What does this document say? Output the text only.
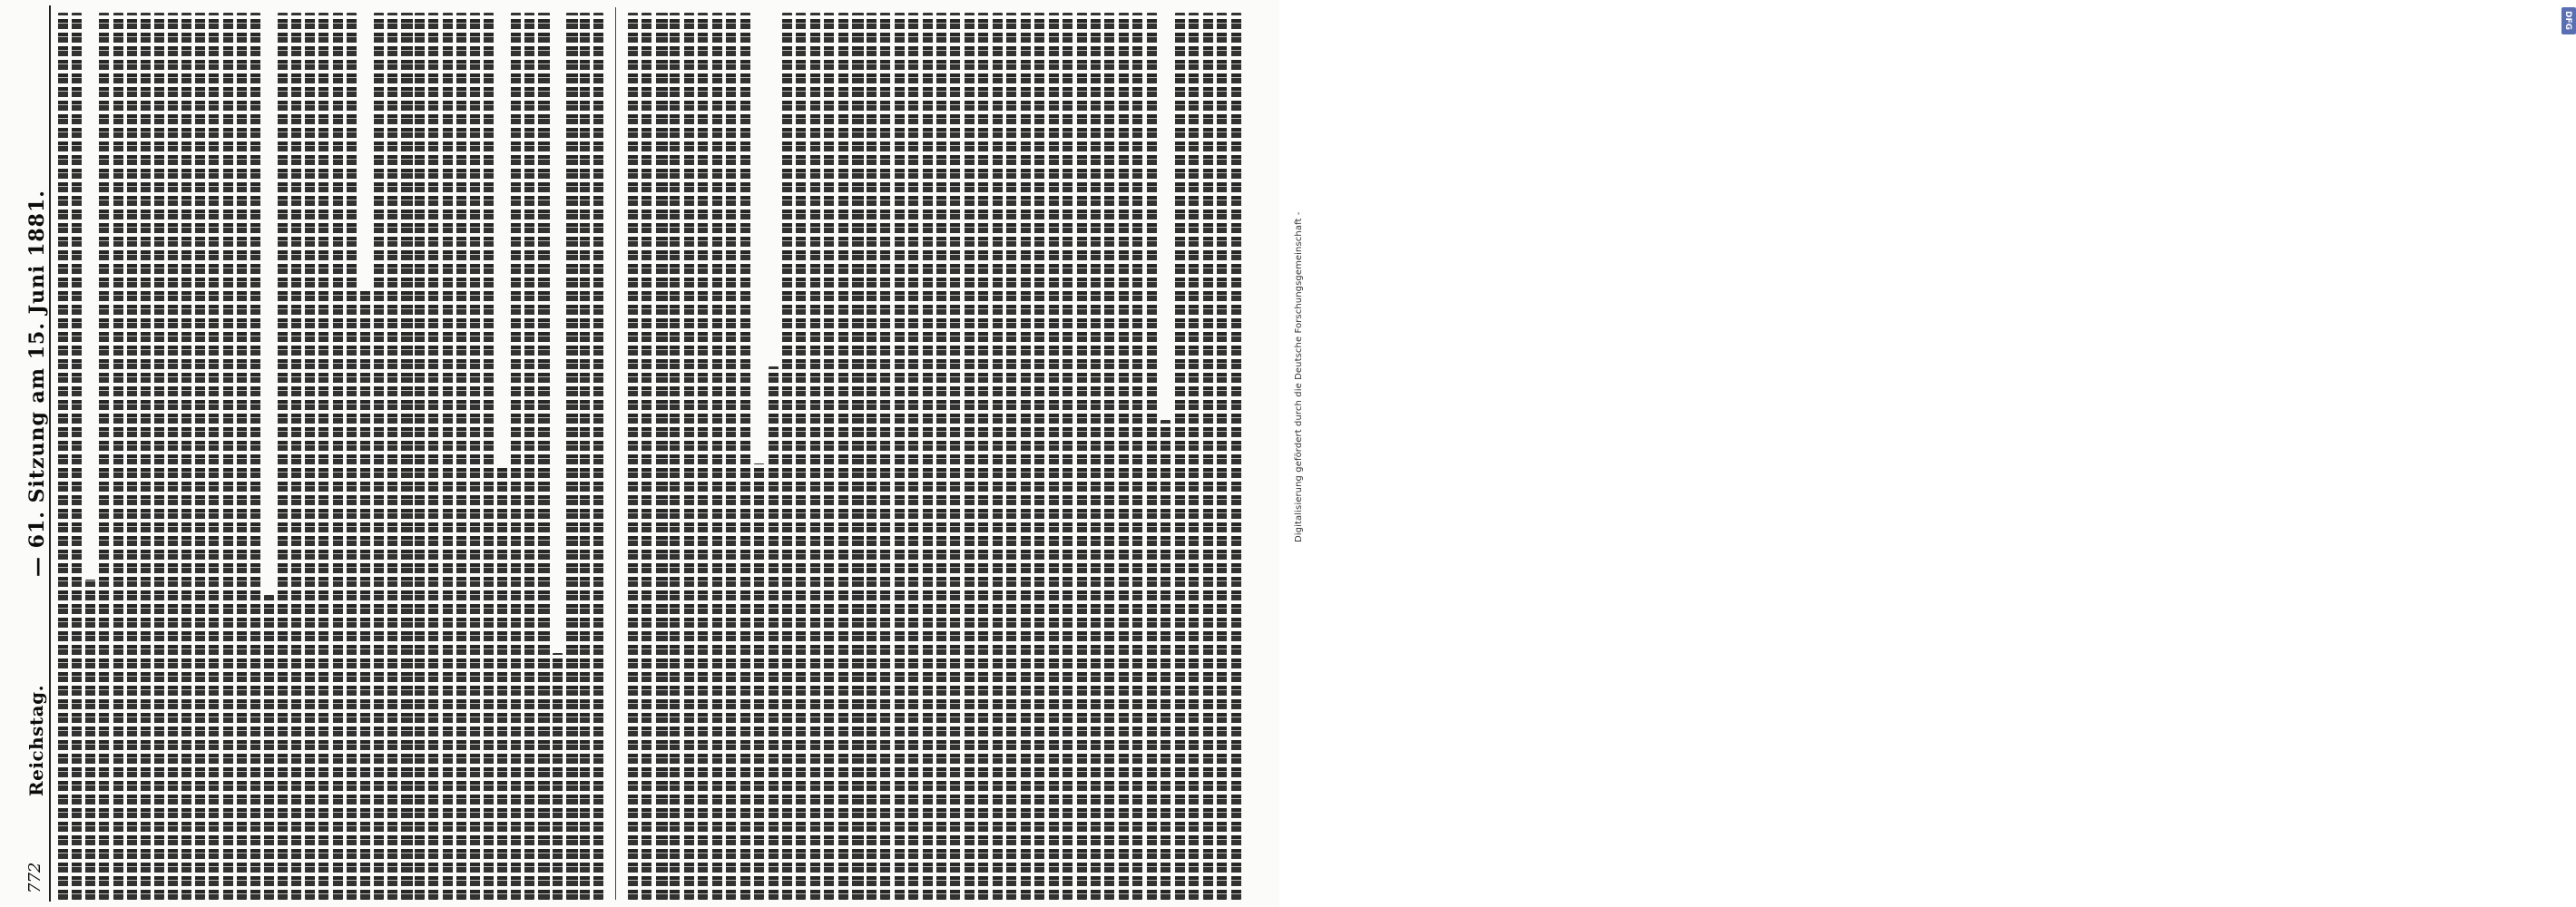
772
Reichstag.
— 61. Sitzung am 15. Juni 1881.
DFG
Digitalisierung gefördert durch die Deutsche Forschungsgemeinschaft -
